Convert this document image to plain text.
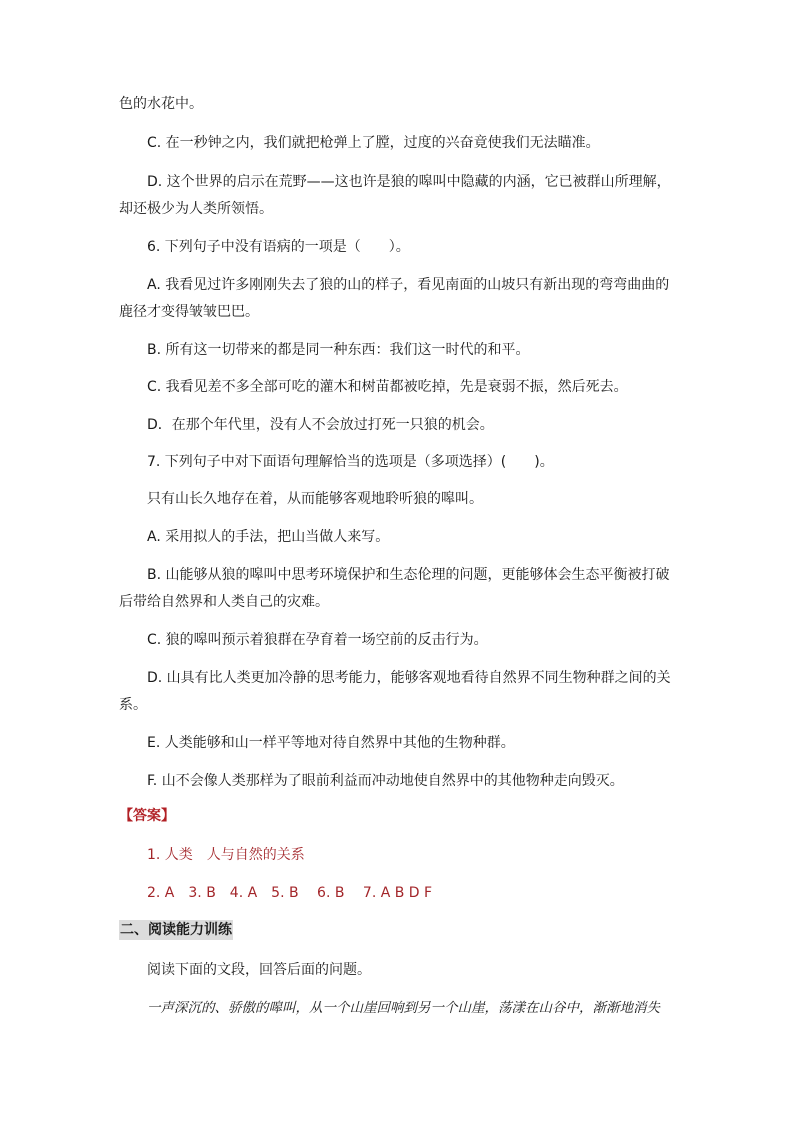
色的水花中。
C. 在一秒钟之内，我们就把枪弹上了膛，过度的兴奋竟使我们无法瞄准。
D. 这个世界的启示在荒野——这也许是狼的嗥叫中隐藏的内涵，它已被群山所理解，
却还极少为人类所领悟。
6. 下列句子中没有语病的一项是（　　）。
A. 我看见过许多刚刚失去了狼的山的样子，看见南面的山坡只有新出现的弯弯曲曲的
鹿径才变得皱皱巴巴。
B. 所有这一切带来的都是同一种东西：我们这一时代的和平。
C. 我看见差不多全部可吃的灌木和树苗都被吃掉，先是衰弱不振，然后死去。
D．在那个年代里，没有人不会放过打死一只狼的机会。
7. 下列句子中对下面语句理解恰当的选项是（多项选择）(　　)。
只有山长久地存在着，从而能够客观地聆听狼的嗥叫。
A. 采用拟人的手法，把山当做人来写。
B. 山能够从狼的嗥叫中思考环境保护和生态伦理的问题，更能够体会生态平衡被打破
后带给自然界和人类自己的灾难。
C. 狼的嗥叫预示着狼群在孕育着一场空前的反击行为。
D. 山具有比人类更加冷静的思考能力，能够客观地看待自然界不同生物种群之间的关
系。
E. 人类能够和山一样平等地对待自然界中其他的生物种群。
F. 山不会像人类那样为了眼前利益而冲动地使自然界中的其他物种走向毁灭。
【答案】
1. 人类　人与自然的关系
2. A　3. B　4. A　5. B　 6. B　 7. A B D F
二、阅读能力训练
阅读下面的文段，回答后面的问题。
一声深沉的、骄傲的嗥叫，从一个山崖回响到另一个山崖，荡漾在山谷中，渐渐地消失
